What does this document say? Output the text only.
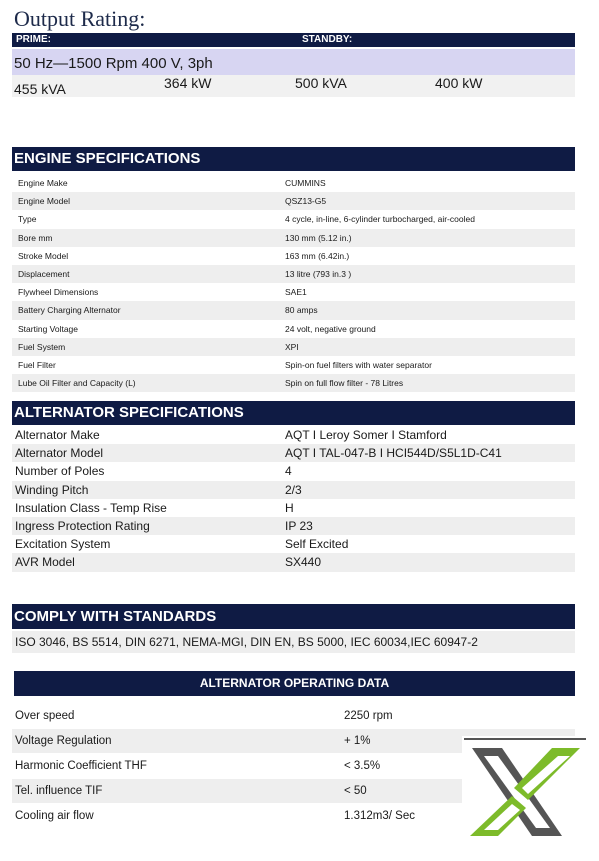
Output Rating:
PRIME:	STANDBY:
50 Hz—1500 Rpm 400 V, 3ph
455 kVA	364 kW	500 kVA	400 kW
ENGINE SPECIFICATIONS
Engine Make	CUMMINS
Engine Model	QSZ13-G5
Type	4 cycle, in-line, 6-cylinder turbocharged, air-cooled
Bore mm	130 mm (5.12 in.)
Stroke Model	163 mm (6.42in.)
Displacement	13 litre (793 in.3 )
Flywheel Dimensions	SAE1
Battery Charging Alternator	80 amps
Starting Voltage	24 volt, negative ground
Fuel System	XPI
Fuel Filter	Spin-on fuel filters with water separator
Lube Oil Filter and Capacity (L)	Spin on full flow filter - 78 Litres
ALTERNATOR SPECIFICATIONS
Alternator Make	AQT I Leroy Somer I Stamford
Alternator Model	AQT I TAL-047-B I HCI544D/S5L1D-C41
Number of Poles	4
Winding Pitch	2/3
Insulation Class - Temp Rise	H
Ingress Protection Rating	IP 23
Excitation System	Self Excited
AVR Model	SX440
COMPLY WITH STANDARDS
ISO 3046, BS 5514, DIN 6271, NEMA-MGI, DIN EN, BS 5000, IEC 60034,IEC 60947-2
ALTERNATOR OPERATING DATA
Over speed	2250 rpm
Voltage Regulation	+ 1%
Harmonic Coefficient THF	< 3.5%
Tel. influence TIF	< 50
Cooling air flow	1.312m3/ Sec
